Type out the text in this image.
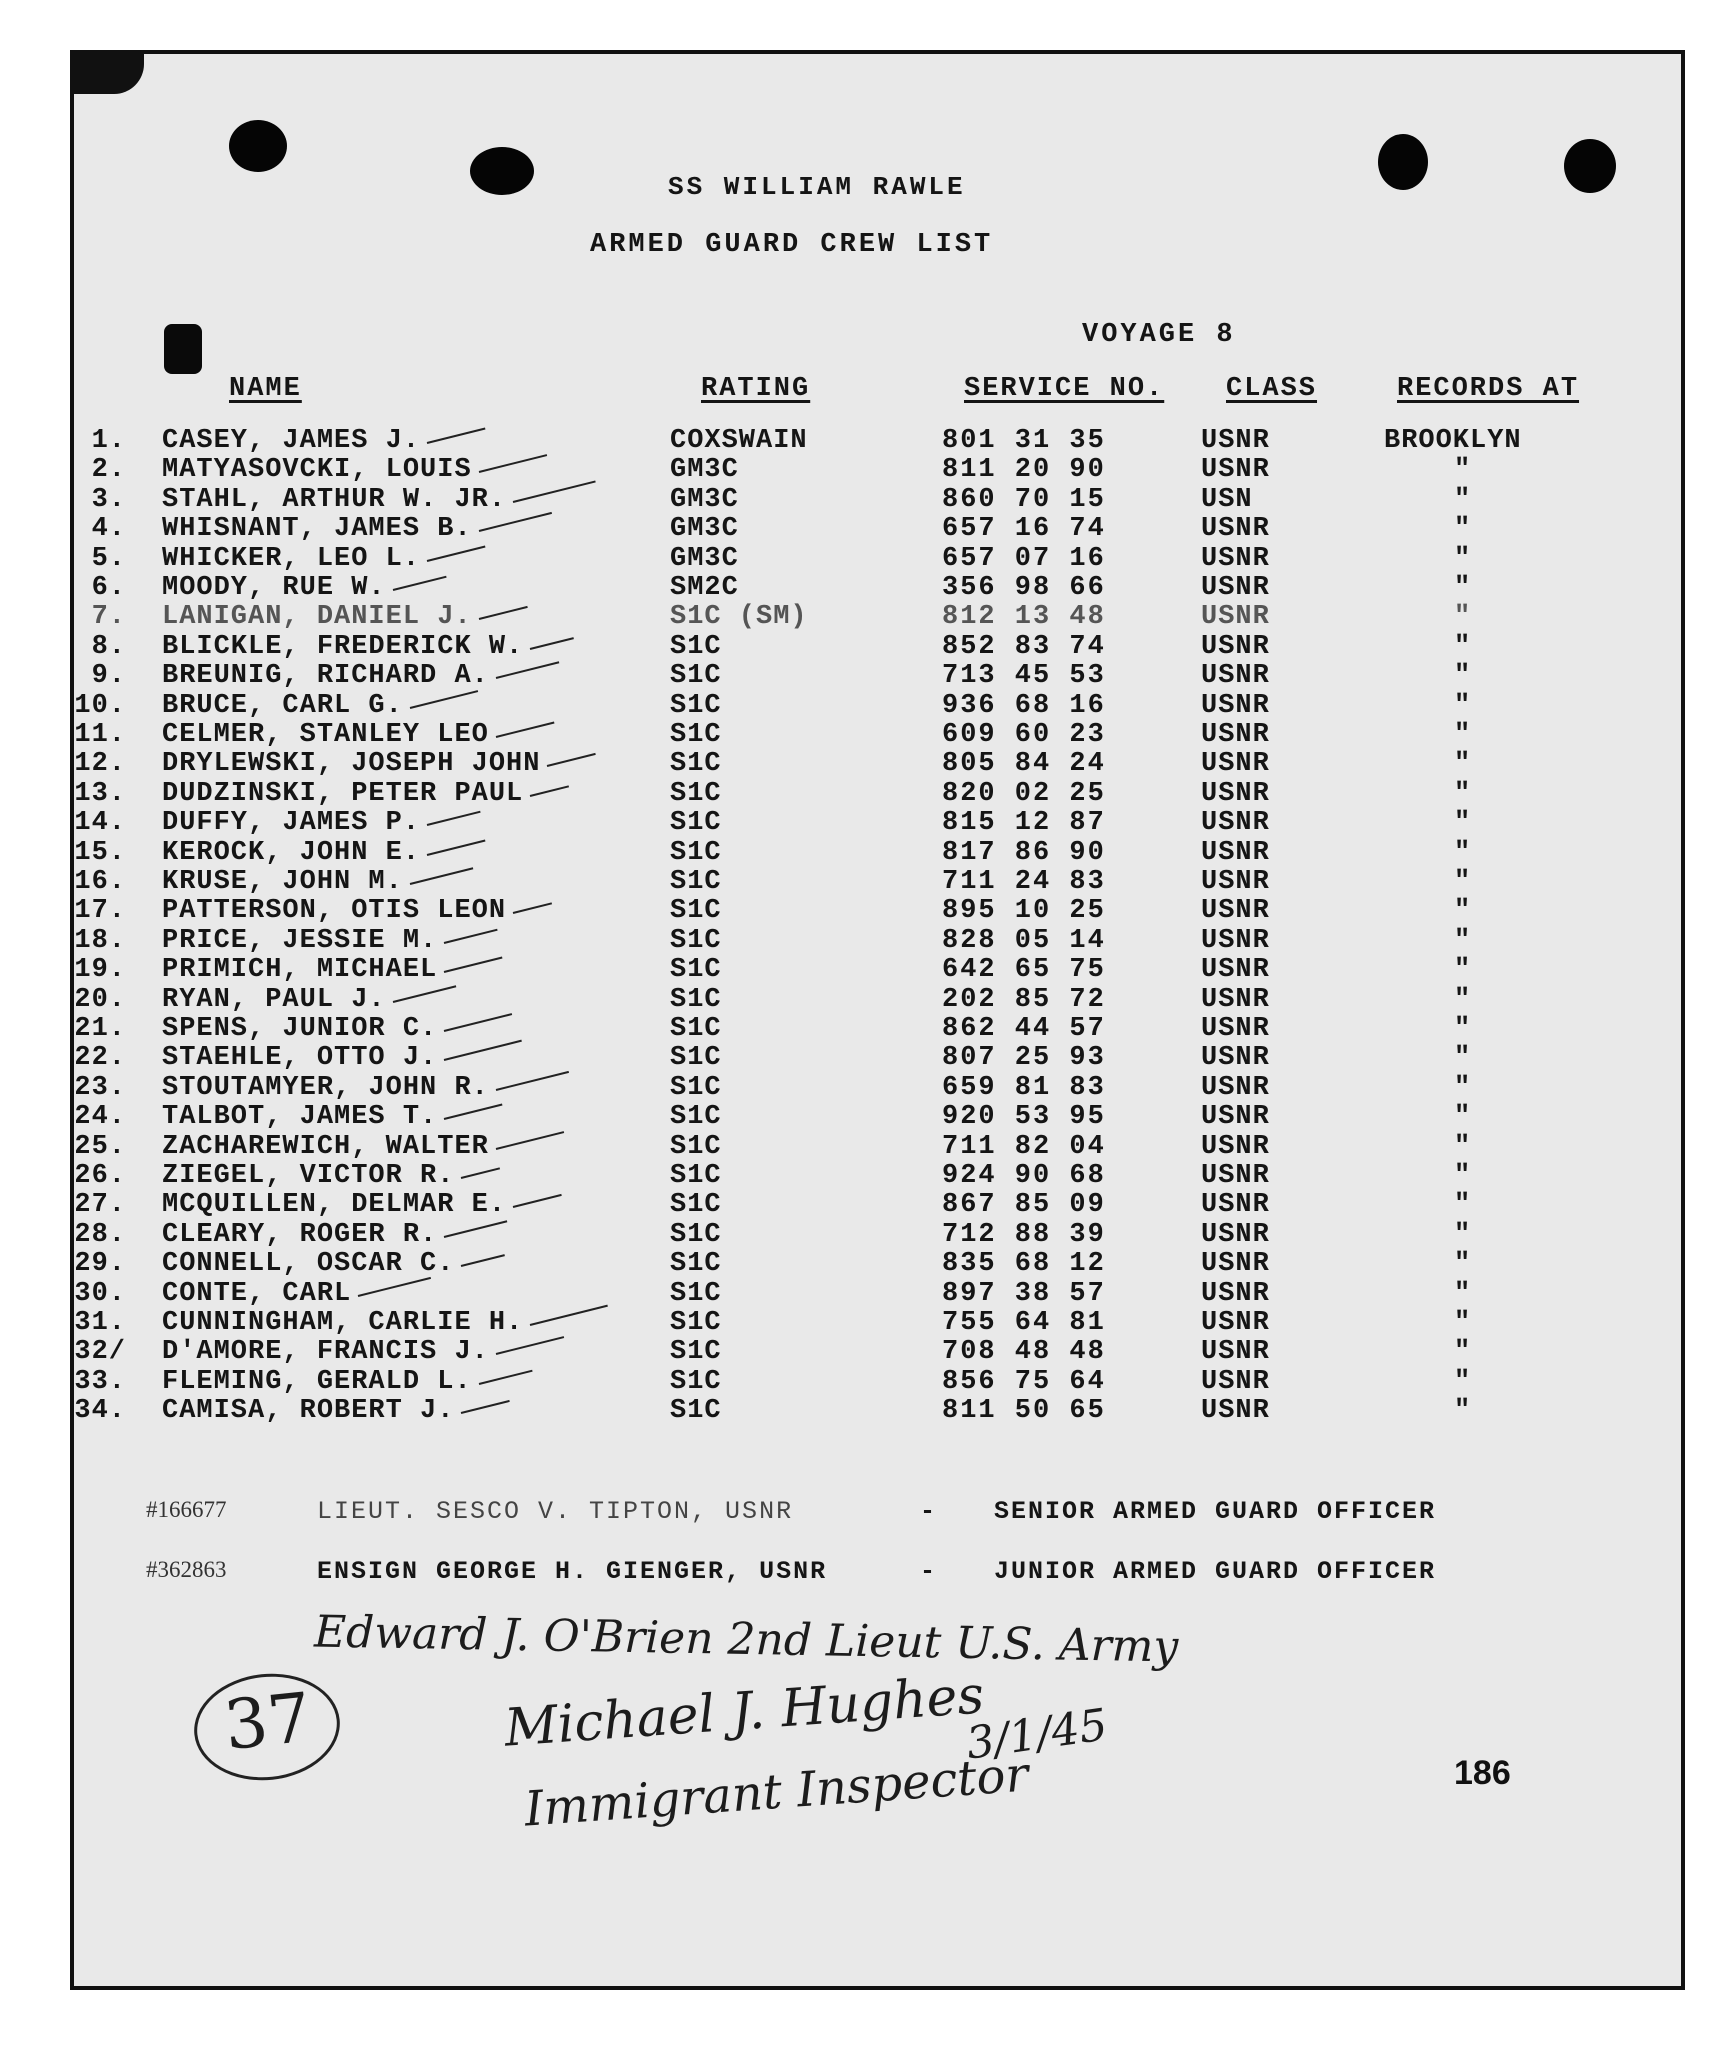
SS WILLIAM RAWLE
ARMED GUARD CREW LIST
VOYAGE 8
NAME	RATING	SERVICE NO. CLASS	RECORDS AT
1. CASEY, JAMES J.	COXSWAIN	801 31 35	USNR	BROOKLYN
2. MATYASOVCKI, LOUIS	GM3C	811 20 90	USNR	"
3. STAHL, ARTHUR W. JR.	GM3C	860 70 15	USN	"
4. WHISNANT, JAMES B.	GM3C	657 16 74	USNR	"
5. WHICKER, LEO L.	GM3C	657 07 16	USNR	"
6. MOODY, RUE W.	SM2C	356 98 66	USNR	"
7. LANIGAN, DANIEL J.	S1C (SM)	812 13 48	USNR	"
8. BLICKLE, FREDERICK W.	S1C	852 83 74	USNR	"
9. BREUNIG, RICHARD A.	S1C	713 45 53	USNR	"
10. BRUCE, CARL G.	S1C	936 68 16	USNR	"
11. CELMER, STANLEY LEO	S1C	609 60 23	USNR	"
12. DRYLEWSKI, JOSEPH JOHN	S1C	805 84 24	USNR	"
13. DUDZINSKI, PETER PAUL	S1C	820 02 25	USNR	"
14. DUFFY, JAMES P.	S1C	815 12 87	USNR	"
15. KEROCK, JOHN E.	S1C	817 86 90	USNR	"
16. KRUSE, JOHN M.	S1C	711 24 83	USNR	"
17. PATTERSON, OTIS LEON	S1C	895 10 25	USNR	"
18. PRICE, JESSIE M.	S1C	828 05 14	USNR	"
19. PRIMICH, MICHAEL	S1C	642 65 75	USNR	"
20. RYAN, PAUL J.	S1C	202 85 72	USNR	"
21. SPENS, JUNIOR C.	S1C	862 44 57	USNR	"
22. STAEHLE, OTTO J.	S1C	807 25 93	USNR	"
23. STOUTAMYER, JOHN R.	S1C	659 81 83	USNR	"
24. TALBOT, JAMES T.	S1C	920 53 95	USNR	"
25. ZACHAREWICH, WALTER	S1C	711 82 04	USNR	"
26. ZIEGEL, VICTOR R.	S1C	924 90 68	USNR	"
27. MCQUILLEN, DELMAR E.	S1C	867 85 09	USNR	"
28. CLEARY, ROGER R.	S1C	712 88 39	USNR	"
29. CONNELL, OSCAR C.	S1C	835 68 12	USNR	"
30. CONTE, CARL	S1C	897 38 57	USNR	"
31. CUNNINGHAM, CARLIE H.	S1C	755 64 81	USNR	"
32/ D'AMORE, FRANCIS J.	S1C	708 48 48	USNR	"
33. FLEMING, GERALD L.	S1C	856 75 64	USNR	"
34. CAMISA, ROBERT J.	S1C	811 50 65	USNR	"
#166677	LIEUT. SESCO V. TIPTON, USNR	- SENIOR ARMED GUARD OFFICER
#362863	ENSIGN GEORGE H. GIENGER, USNR	- JUNIOR ARMED GUARD OFFICER
Edward J. O'Brien 2nd Lieut U.S. Army
37	Michael J. Hughes
Immigrant Inspector
3/1/45
186
